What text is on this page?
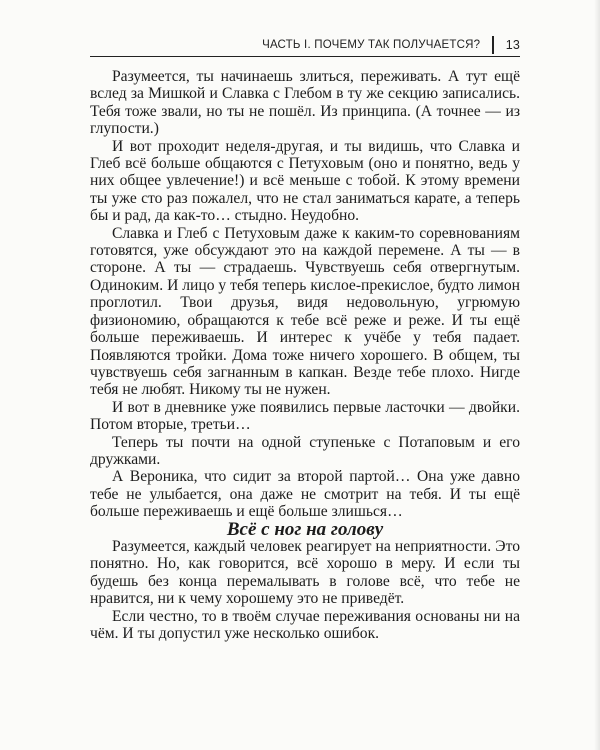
ЧАСТЬ I. ПОЧЕМУ ТАК ПОЛУЧАЕТСЯ? 13

Разумеется, ты начинаешь злиться, переживать. А тут ещё вслед за Мишкой и Славка с Глебом в ту же секцию записались. Тебя тоже звали, но ты не пошёл. Из принципа. (А точнее — из глупости.)

И вот проходит неделя-другая, и ты видишь, что Славка и Глеб всё больше общаются с Петуховым (оно и понятно, ведь у них общее увлечение!) и всё меньше с тобой. К этому времени ты уже сто раз пожалел, что не стал заниматься карате, а теперь бы и рад, да как-то… стыдно. Неудобно.

Славка и Глеб с Петуховым даже к каким-то соревнованиям готовятся, уже обсуждают это на каждой перемене. А ты — в стороне. А ты — страдаешь. Чувствуешь себя отвергнутым. Одиноким. И лицо у тебя теперь кислое-прекислое, будто лимон проглотил. Твои друзья, видя недовольную, угрюмую физиономию, обращаются к тебе всё реже и реже. И ты ещё больше переживаешь. И интерес к учёбе у тебя падает. Появляются тройки. Дома тоже ничего хорошего. В общем, ты чувствуешь себя загнанным в капкан. Везде тебе плохо. Нигде тебя не любят. Никому ты не нужен.

И вот в дневнике уже появились первые ласточки — двойки. Потом вторые, третьи…

Теперь ты почти на одной ступеньке с Потаповым и его дружками.

А Вероника, что сидит за второй партой… Она уже давно тебе не улыбается, она даже не смотрит на тебя. И ты ещё больше переживаешь и ещё больше злишься…

Всё с ног на голову

Разумеется, каждый человек реагирует на неприятности. Это понятно. Но, как говорится, всё хорошо в меру. И если ты будешь без конца перемалывать в голове всё, что тебе не нравится, ни к чему хорошему это не приведёт.

Если честно, то в твоём случае переживания основаны ни на чём. И ты допустил уже несколько ошибок.
